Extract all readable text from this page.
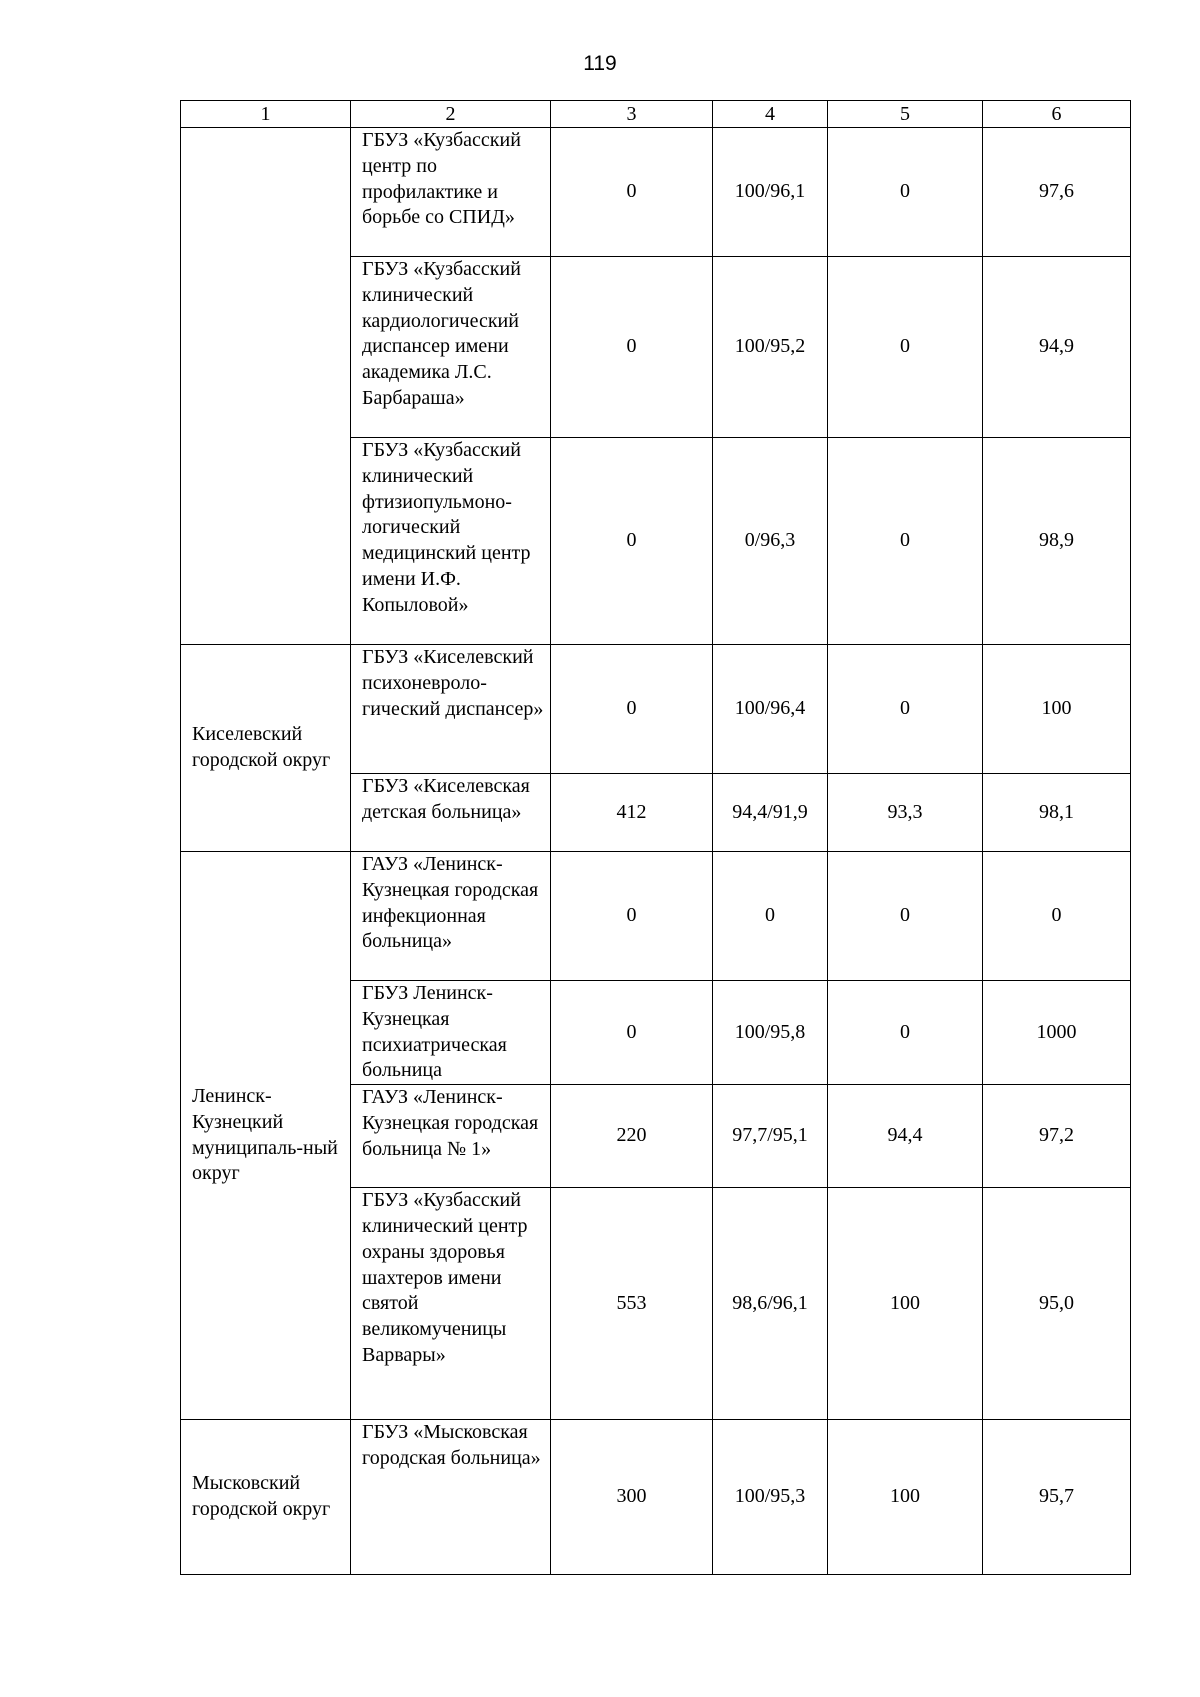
119
1	2	3	4	5	6
	ГБУЗ «Кузбасский центр по профилактике и борьбе со СПИД»	0	100/96,1	0	97,6
	ГБУЗ «Кузбасский клинический кардиологический диспансер имени академика Л.С. Барбараша»	0	100/95,2	0	94,9
	ГБУЗ «Кузбасский клинический фтизиопульмоно-логический медицинский центр имени И.Ф. Копыловой»	0	0/96,3	0	98,9
Киселевский городской округ	ГБУЗ «Киселевский психоневроло-гический диспансер»	0	100/96,4	0	100
	ГБУЗ «Киселевская детская больница»	412	94,4/91,9	93,3	98,1
Ленинск-Кузнецкий муниципаль-ный округ	ГАУЗ «Ленинск-Кузнецкая городская инфекционная больница»	0	0	0	0
	ГБУЗ Ленинск-Кузнецкая психиатрическая больница	0	100/95,8	0	1000
	ГАУЗ «Ленинск-Кузнецкая городская больница № 1»	220	97,7/95,1	94,4	97,2
	ГБУЗ «Кузбасский клинический центр охраны здоровья шахтеров имени святой великомученицы Варвары»	553	98,6/96,1	100	95,0
Мысковский городской округ	ГБУЗ «Мысковская городская больница»	300	100/95,3	100	95,7
